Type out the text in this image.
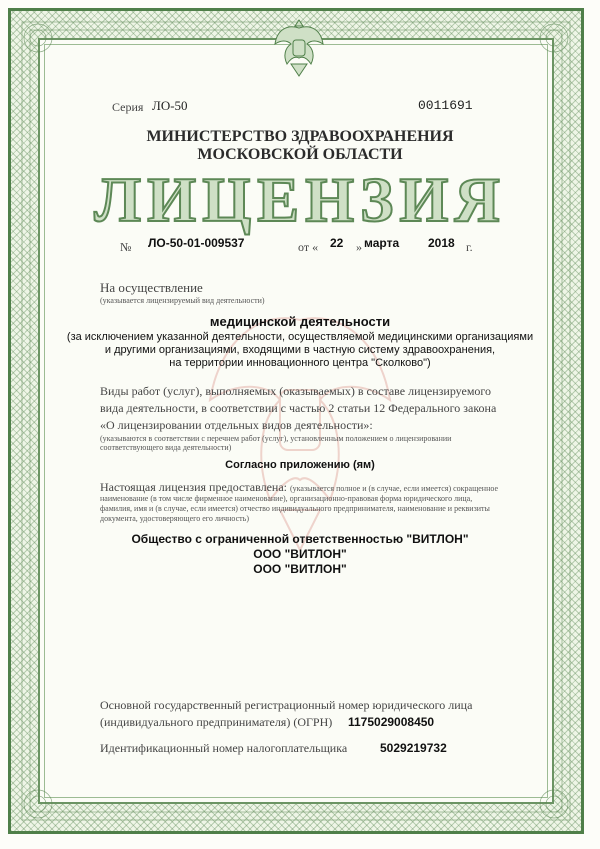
Серия ЛО-50	0011691
МИНИСТЕРСТВО ЗДРАВООХРАНЕНИЯ
МОСКОВСКОЙ ОБЛАСТИ
ЛИЦЕНЗИЯ
№ ЛО-50-01-009537	от « 22 » марта 2018 г.
На осуществление
(указывается лицензируемый вид деятельности)
медицинской деятельности
(за исключением указанной деятельности, осуществляемой медицинскими организациями
и другими организациями, входящими в частную систему здравоохранения,
на территории инновационного центра "Сколково")
Виды работ (услуг), выполняемых (оказываемых) в составе лицензируемого
вида деятельности, в соответствии с частью 2 статьи 12 Федерального закона
«О лицензировании отдельных видов деятельности»:
(указываются в соответствии с перечнем работ (услуг), установленным положением о лицензировании
соответствующего вида деятельности)
Согласно приложению (ям)
Настоящая лицензия предоставлена: (указывается полное и (в случае, если имеется) сокращенное
наименование (в том числе фирменное наименование), организационно-правовая форма юридического лица,
фамилия, имя и (в случае, если имеется) отчество индивидуального предпринимателя, наименование и реквизиты
документа, удостоверяющего его личность)
Общество с ограниченной ответственностью "ВИТЛОН"
ООО "ВИТЛОН"
ООО "ВИТЛОН"
Основной государственный регистрационный номер юридического лица
(индивидуального предпринимателя) (ОГРН) 1175029008450
Идентификационный номер налогоплательщика	5029219732
